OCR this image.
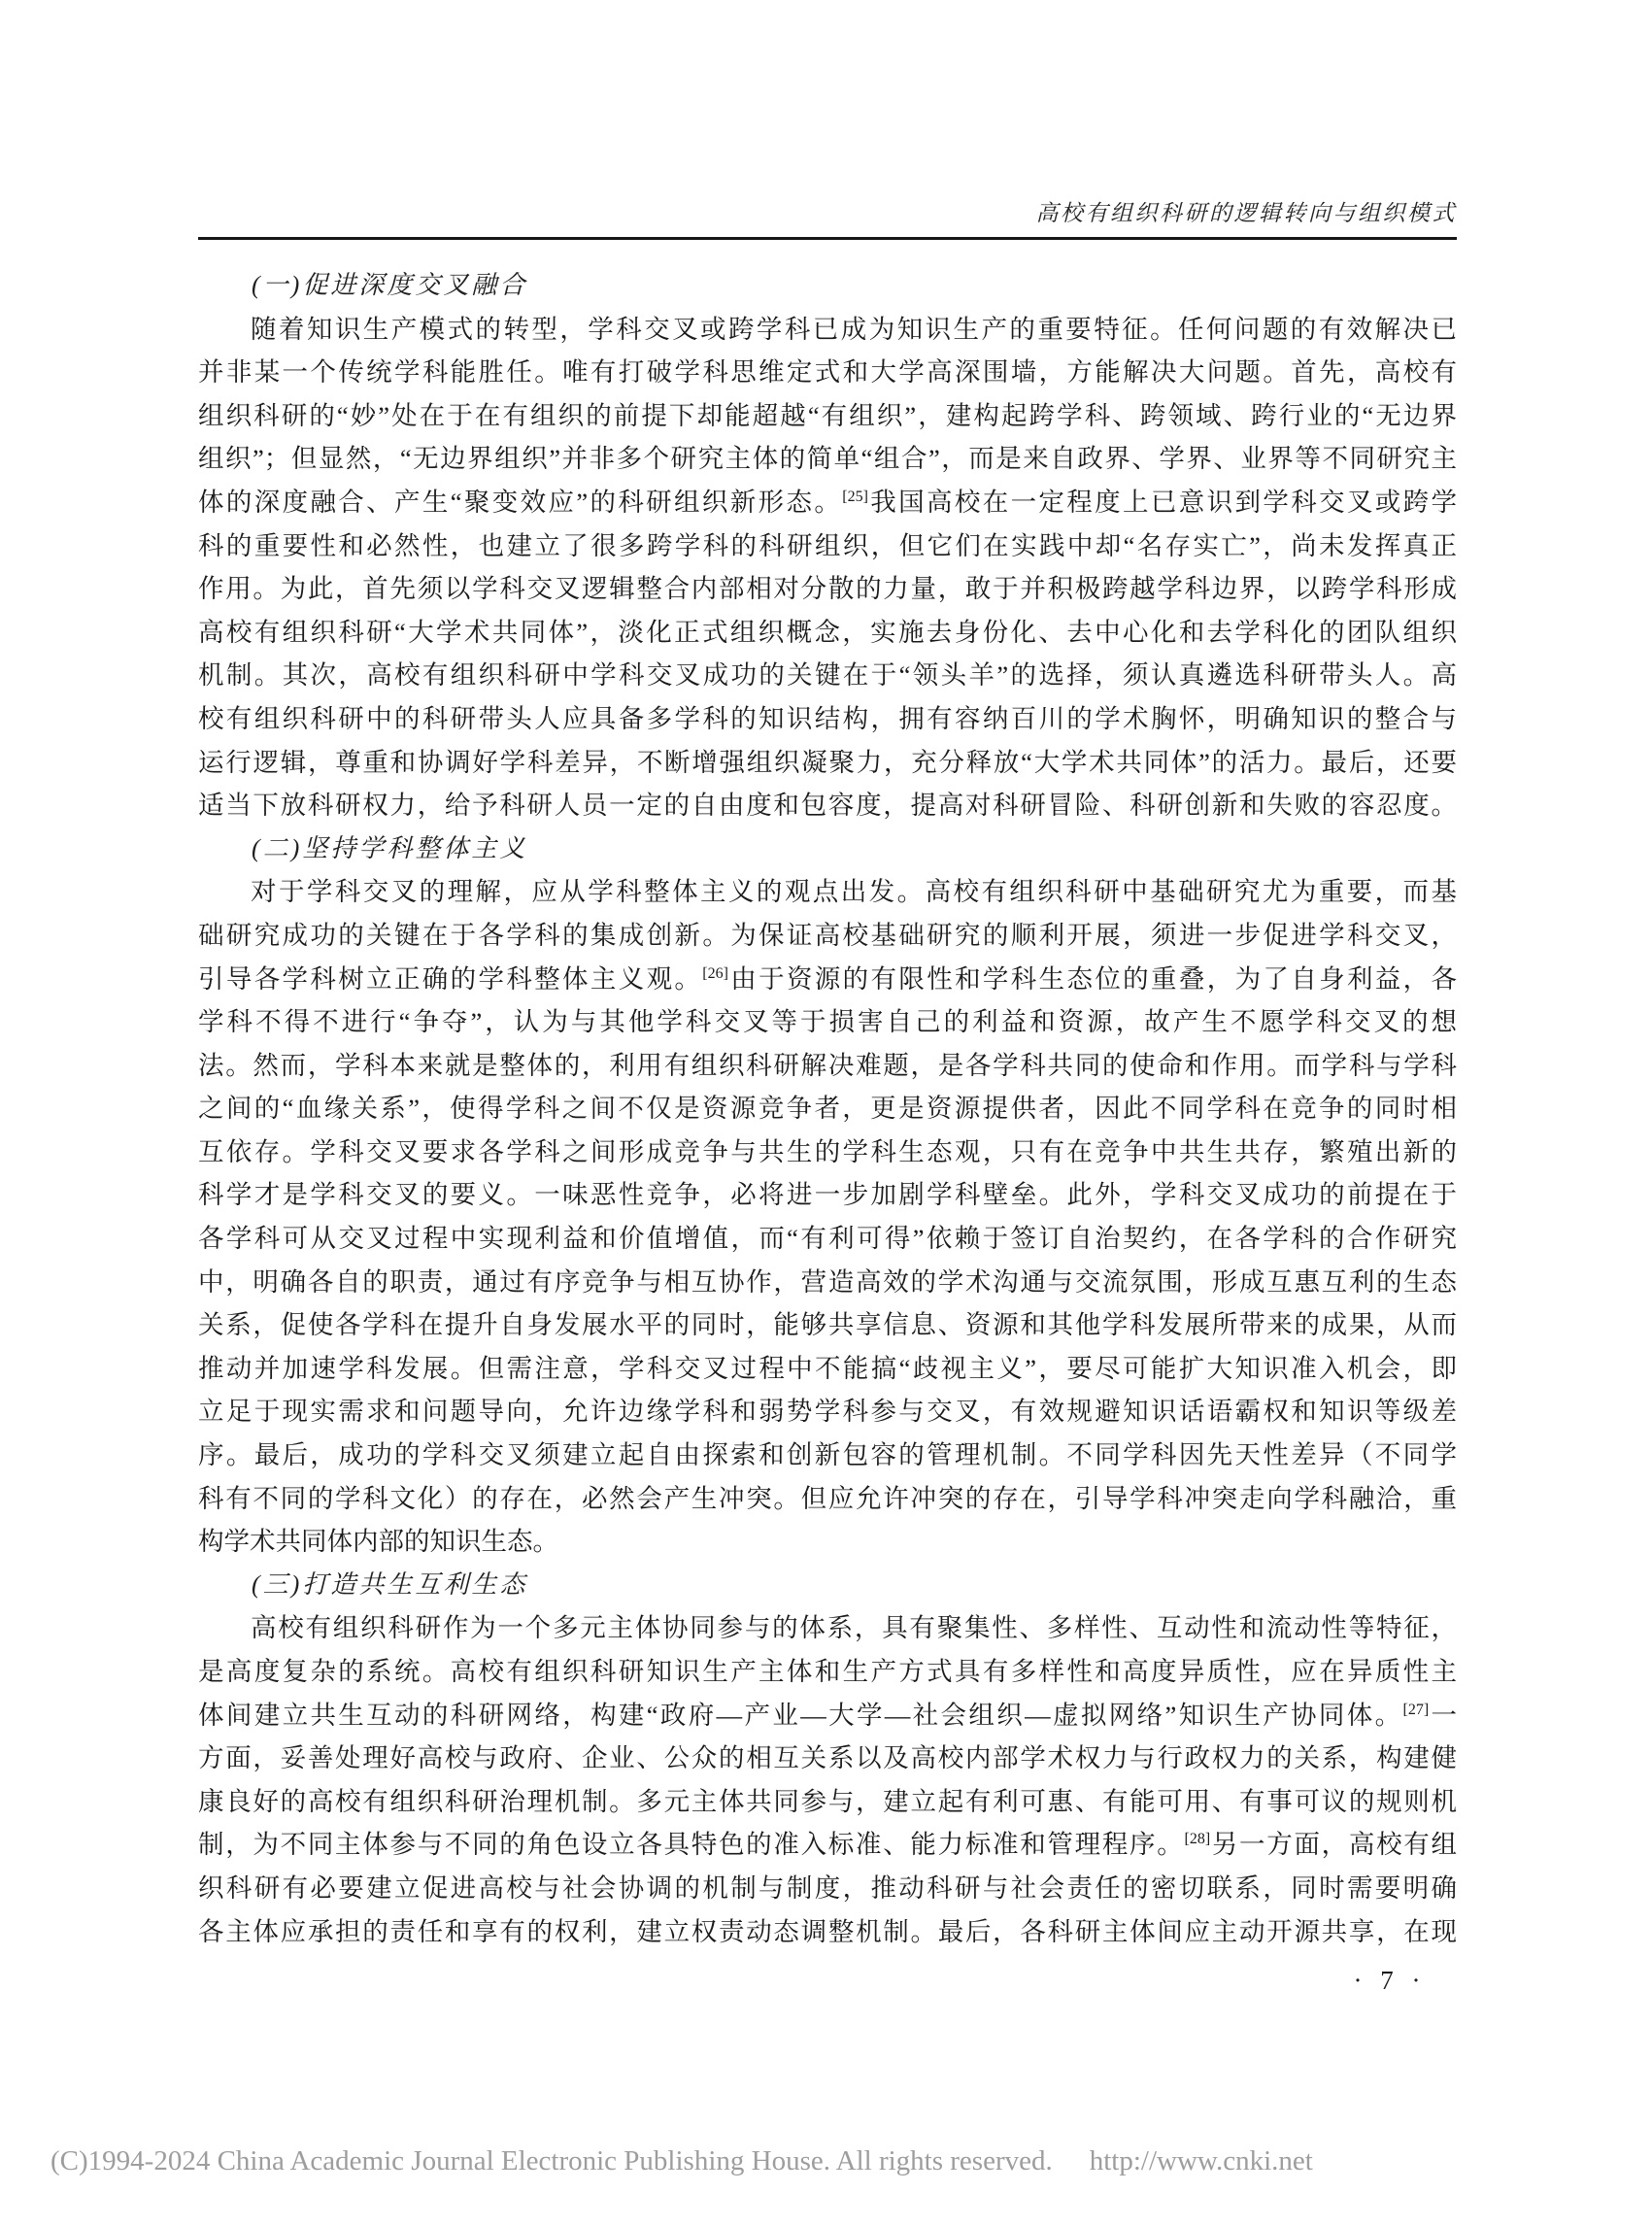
高校有组织科研的逻辑转向与组织模式
(一)促进深度交叉融合
随着知识生产模式的转型，学科交叉或跨学科已成为知识生产的重要特征。任何问题的有效解决已
并非某一个传统学科能胜任。唯有打破学科思维定式和大学高深围墙，方能解决大问题。首先，高校有
组织科研的“妙”处在于在有组织的前提下却能超越“有组织”，建构起跨学科、跨领域、跨行业的“无边界
组织”；但显然，“无边界组织”并非多个研究主体的简单“组合”，而是来自政界、学界、业界等不同研究主
体的深度融合、产生“聚变效应”的科研组织新形态。[25]我国高校在一定程度上已意识到学科交叉或跨学
科的重要性和必然性，也建立了很多跨学科的科研组织，但它们在实践中却“名存实亡”，尚未发挥真正
作用。为此，首先须以学科交叉逻辑整合内部相对分散的力量，敢于并积极跨越学科边界，以跨学科形成
高校有组织科研“大学术共同体”，淡化正式组织概念，实施去身份化、去中心化和去学科化的团队组织
机制。其次，高校有组织科研中学科交叉成功的关键在于“领头羊”的选择，须认真遴选科研带头人。高
校有组织科研中的科研带头人应具备多学科的知识结构，拥有容纳百川的学术胸怀，明确知识的整合与
运行逻辑，尊重和协调好学科差异，不断增强组织凝聚力，充分释放“大学术共同体”的活力。最后，还要
适当下放科研权力，给予科研人员一定的自由度和包容度，提高对科研冒险、科研创新和失败的容忍度。
(二)坚持学科整体主义
对于学科交叉的理解，应从学科整体主义的观点出发。高校有组织科研中基础研究尤为重要，而基
础研究成功的关键在于各学科的集成创新。为保证高校基础研究的顺利开展，须进一步促进学科交叉，
引导各学科树立正确的学科整体主义观。[26]由于资源的有限性和学科生态位的重叠，为了自身利益，各
学科不得不进行“争夺”，认为与其他学科交叉等于损害自己的利益和资源，故产生不愿学科交叉的想
法。然而，学科本来就是整体的，利用有组织科研解决难题，是各学科共同的使命和作用。而学科与学科
之间的“血缘关系”，使得学科之间不仅是资源竞争者，更是资源提供者，因此不同学科在竞争的同时相
互依存。学科交叉要求各学科之间形成竞争与共生的学科生态观，只有在竞争中共生共存，繁殖出新的
科学才是学科交叉的要义。一味恶性竞争，必将进一步加剧学科壁垒。此外，学科交叉成功的前提在于
各学科可从交叉过程中实现利益和价值增值，而“有利可得”依赖于签订自治契约，在各学科的合作研究
中，明确各自的职责，通过有序竞争与相互协作，营造高效的学术沟通与交流氛围，形成互惠互利的生态
关系，促使各学科在提升自身发展水平的同时，能够共享信息、资源和其他学科发展所带来的成果，从而
推动并加速学科发展。但需注意，学科交叉过程中不能搞“歧视主义”，要尽可能扩大知识准入机会，即
立足于现实需求和问题导向，允许边缘学科和弱势学科参与交叉，有效规避知识话语霸权和知识等级差
序。最后，成功的学科交叉须建立起自由探索和创新包容的管理机制。不同学科因先天性差异（不同学
科有不同的学科文化）的存在，必然会产生冲突。但应允许冲突的存在，引导学科冲突走向学科融洽，重
构学术共同体内部的知识生态。
(三)打造共生互利生态
高校有组织科研作为一个多元主体协同参与的体系，具有聚集性、多样性、互动性和流动性等特征，
是高度复杂的系统。高校有组织科研知识生产主体和生产方式具有多样性和高度异质性，应在异质性主
体间建立共生互动的科研网络，构建“政府—产业—大学—社会组织—虚拟网络”知识生产协同体。[27]一
方面，妥善处理好高校与政府、企业、公众的相互关系以及高校内部学术权力与行政权力的关系，构建健
康良好的高校有组织科研治理机制。多元主体共同参与，建立起有利可惠、有能可用、有事可议的规则机
制，为不同主体参与不同的角色设立各具特色的准入标准、能力标准和管理程序。[28]另一方面，高校有组
织科研有必要建立促进高校与社会协调的机制与制度，推动科研与社会责任的密切联系，同时需要明确
各主体应承担的责任和享有的权利，建立权责动态调整机制。最后，各科研主体间应主动开源共享，在现
· 7 ·
(C)1994-2024 China Academic Journal Electronic Publishing House. All rights reserved. http://www.cnki.net
